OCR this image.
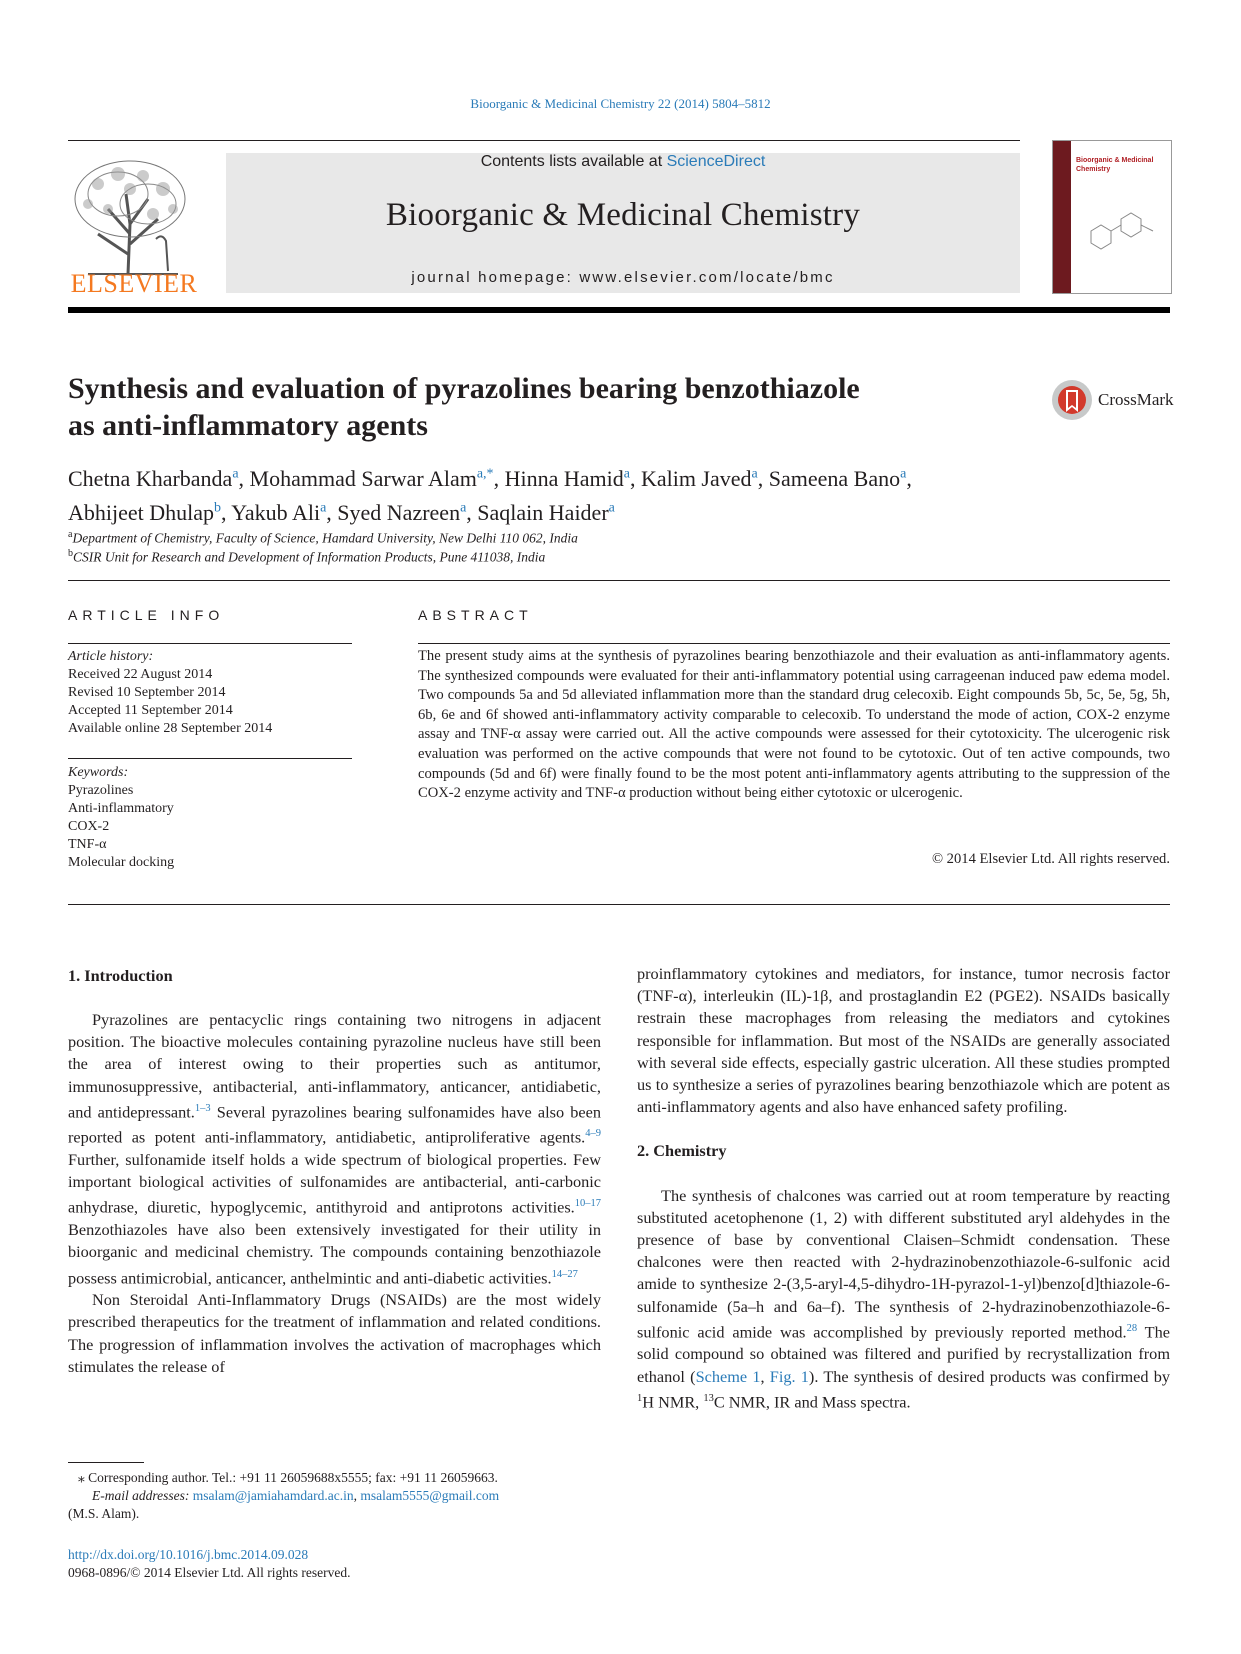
Bioorganic & Medicinal Chemistry 22 (2014) 5804–5812
ELSEVIER
Contents lists available at ScienceDirect
Bioorganic & Medicinal Chemistry
journal homepage: www.elsevier.com/locate/bmc
Bioorganic & Medicinal Chemistry
Synthesis and evaluation of pyrazolines bearing benzothiazole
as anti-inflammatory agents
CrossMark
Chetna Kharbanda$^a$, Mohammad Sarwar Alam$^{a,*}$, Hinna Hamid$^a$, Kalim Javed$^a$, Sameena Bano$^a$,
Abhijeet Dhulap$^b$, Yakub Ali$^a$, Syed Nazreen$^a$, Saqlain Haider$^a$
$^a$Department of Chemistry, Faculty of Science, Hamdard University, New Delhi 110 062, India
$^b$CSIR Unit for Research and Development of Information Products, Pune 411038, India
ARTICLE INFO
Article history:
Received 22 August 2014
Revised 10 September 2014
Accepted 11 September 2014
Available online 28 September 2014
Keywords:
Pyrazolines
Anti-inflammatory
COX-2
TNF-α
Molecular docking
ABSTRACT
The present study aims at the synthesis of pyrazolines bearing benzothiazole and their evaluation as anti-inflammatory agents. The synthesized compounds were evaluated for their anti-inflammatory potential using carrageenan induced paw edema model. Two compounds 5a and 5d alleviated inflammation more than the standard drug celecoxib. Eight compounds 5b, 5c, 5e, 5g, 5h, 6b, 6e and 6f showed anti-inflammatory activity comparable to celecoxib. To understand the mode of action, COX-2 enzyme assay and TNF-α assay were carried out. All the active compounds were assessed for their cytotoxicity. The ulcerogenic risk evaluation was performed on the active compounds that were not found to be cytotoxic. Out of ten active compounds, two compounds (5d and 6f) were finally found to be the most potent anti-inflammatory agents attributing to the suppression of the COX-2 enzyme activity and TNF-α production without being either cytotoxic or ulcerogenic.
© 2014 Elsevier Ltd. All rights reserved.
1. Introduction

Pyrazolines are pentacyclic rings containing two nitrogens in adjacent position. The bioactive molecules containing pyrazoline nucleus have still been the area of interest owing to their properties such as antitumor, immunosuppressive, antibacterial, anti-inflammatory, anticancer, antidiabetic, and antidepressant.$^{1-3}$ Several pyrazolines bearing sulfonamides have also been reported as potent anti-inflammatory, antidiabetic, antiproliferative agents.$^{4-9}$ Further, sulfonamide itself holds a wide spectrum of biological properties. Few important biological activities of sulfonamides are antibacterial, anti-carbonic anhydrase, diuretic, hypoglycemic, antithyroid and antiprotons activities.$^{10-17}$ Benzothiazoles have also been extensively investigated for their utility in bioorganic and medicinal chemistry. The compounds containing benzothiazole possess antimicrobial, anticancer, anthelmintic and anti-diabetic activities.$^{14-27}$

Non Steroidal Anti-Inflammatory Drugs (NSAIDs) are the most widely prescribed therapeutics for the treatment of inflammation and related conditions. The progression of inflammation involves the activation of macrophages which stimulates the release of

⁎ Corresponding author. Tel.: +91 11 26059688x5555; fax: +91 11 26059663.
E-mail addresses: msalam@jamiahamdard.ac.in, msalam5555@gmail.com
(M.S. Alam).
http://dx.doi.org/10.1016/j.bmc.2014.09.028
0968-0896/© 2014 Elsevier Ltd. All rights reserved.

proinflammatory cytokines and mediators, for instance, tumor necrosis factor (TNF-α), interleukin (IL)-1β, and prostaglandin E2 (PGE2). NSAIDs basically restrain these macrophages from releasing the mediators and cytokines responsible for inflammation. But most of the NSAIDs are generally associated with several side effects, especially gastric ulceration. All these studies prompted us to synthesize a series of pyrazolines bearing benzothiazole which are potent as anti-inflammatory agents and also have enhanced safety profiling.

2. Chemistry

The synthesis of chalcones was carried out at room temperature by reacting substituted acetophenone (1, 2) with different substituted aryl aldehydes in the presence of base by conventional Claisen–Schmidt condensation. These chalcones were then reacted with 2-hydrazinobenzothiazole-6-sulfonic acid amide to synthesize 2-(3,5-aryl-4,5-dihydro-1H-pyrazol-1-yl)benzo[d]thiazole-6-sulfonamide (5a–h and 6a–f). The synthesis of 2-hydrazinobenzothiazole-6-sulfonic acid amide was accomplished by previously reported method.$^{28}$ The solid compound so obtained was filtered and purified by recrystallization from ethanol (Scheme 1, Fig. 1). The synthesis of desired products was confirmed by $^1$H NMR, $^{13}$C NMR, IR and Mass spectra.
